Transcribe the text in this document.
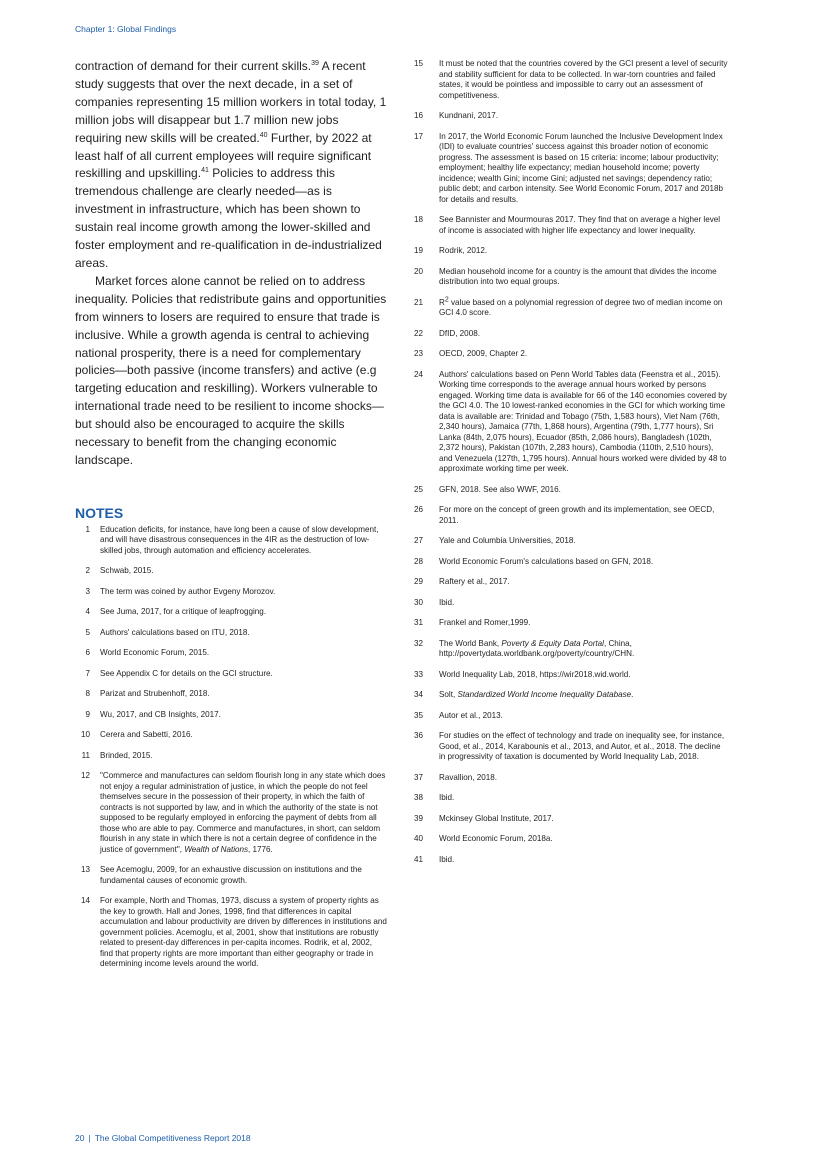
Chapter 1: Global Findings

contraction of demand for their current skills.$^{39}$ A recent study suggests that over the next decade, in a set of companies representing 15 million workers in total today, 1 million jobs will disappear but 1.7 million new jobs requiring new skills will be created.$^{40}$ Further, by 2022 at least half of all current employees will require significant reskilling and upskilling.$^{41}$ Policies to address this tremendous challenge are clearly needed—as is investment in infrastructure, which has been shown to sustain real income growth among the lower-skilled and foster employment and re-qualification in de-industrialized areas.

Market forces alone cannot be relied on to address inequality. Policies that redistribute gains and opportunities from winners to losers are required to ensure that trade is inclusive. While a growth agenda is central to achieving national prosperity, there is a need for complementary policies—both passive (income transfers) and active (e.g targeting education and reskilling). Workers vulnerable to international trade need to be resilient to income shocks—but should also be encouraged to acquire the skills necessary to benefit from the changing economic landscape.

NOTES
1	Education deficits, for instance, have long been a cause of slow development, and will have disastrous consequences in the 4IR as the destruction of low-skilled jobs, through automation and efficiency accelerates.
2	Schwab, 2015.
3	The term was coined by author Evgeny Morozov.
4	See Juma, 2017, for a critique of leapfrogging.
5	Authors' calculations based on ITU, 2018.
6	World Economic Forum, 2015.
7	See Appendix C for details on the GCI structure.
8	Parizat and Strubenhoff, 2018.
9	Wu, 2017, and CB Insights, 2017.
10	Cerera and Sabetti, 2016.
11	Brinded, 2015.
12	"Commerce and manufactures can seldom flourish long in any state which does not enjoy a regular administration of justice, in which the people do not feel themselves secure in the possession of their property, in which the faith of contracts is not supported by law, and in which the authority of the state is not supposed to be regularly employed in enforcing the payment of debts from all those who are able to pay. Commerce and manufactures, in short, can seldom flourish in any state in which there is not a certain degree of confidence in the justice of government", Wealth of Nations, 1776.
13	See Acemoglu, 2009, for an exhaustive discussion on institutions and the fundamental causes of economic growth.
14	For example, North and Thomas, 1973, discuss a system of property rights as the key to growth. Hall and Jones, 1998, find that differences in capital accumulation and labour productivity are driven by differences in institutions and government policies. Acemoglu, et al, 2001, show that institutions are robustly related to present-day differences in per-capita incomes. Rodrik, et al, 2002, find that property rights are more important than either geography or trade in determining income levels around the world.
15	It must be noted that the countries covered by the GCI present a level of security and stability sufficient for data to be collected. In war-torn countries and failed states, it would be pointless and impossible to carry out an assessment of competitiveness.
16	Kundnani, 2017.
17	In 2017, the World Economic Forum launched the Inclusive Development Index (IDI) to evaluate countries' success against this broader notion of economic progress. The assessment is based on 15 criteria: income; labour productivity; employment; healthy life expectancy; median household income; poverty incidence; wealth Gini; income Gini; adjusted net savings; dependency ratio; public debt; and carbon intensity. See World Economic Forum, 2017 and 2018b for details and results.
18	See Bannister and Mourmouras 2017. They find that on average a higher level of income is associated with higher life expectancy and lower inequality.
19	Rodrik, 2012.
20	Median household income for a country is the amount that divides the income distribution into two equal groups.
21	$R^2$ value based on a polynomial regression of degree two of median income on GCI 4.0 score.
22	DfID, 2008.
23	OECD, 2009, Chapter 2.
24	Authors' calculations based on Penn World Tables data (Feenstra et al., 2015). Working time corresponds to the average annual hours worked by persons engaged. Working time data is available for 66 of the 140 economies covered by the GCI 4.0. The 10 lowest-ranked economies in the GCI for which working time data is available are: Trinidad and Tobago (75th, 1,583 hours), Viet Nam (76th, 2,340 hours), Jamaica (77th, 1,868 hours), Argentina (79th, 1,777 hours), Sri Lanka (84th, 2,075 hours), Ecuador (85th, 2,086 hours), Bangladesh (102th, 2,372 hours), Pakistan (107th, 2,283 hours), Cambodia (110th, 2,510 hours), and Venezuela (127th, 1,795 hours). Annual hours worked were divided by 48 to approximate working time per week.
25	GFN, 2018. See also WWF, 2016.
26	For more on the concept of green growth and its implementation, see OECD, 2011.
27	Yale and Columbia Universities, 2018.
28	World Economic Forum's calculations based on GFN, 2018.
29	Raftery et al., 2017.
30	Ibid.
31	Frankel and Romer,1999.
32	The World Bank, Poverty & Equity Data Portal, China, http://povertydata.worldbank.org/poverty/country/CHN.
33	World Inequality Lab, 2018, https://wir2018.wid.world.
34	Solt, Standardized World Income Inequality Database.
35	Autor et al., 2013.
36	For studies on the effect of technology and trade on inequality see, for instance, Good, et al., 2014, Karabounis et al., 2013, and Autor, et al., 2018. The decline in progressivity of taxation is documented by World Inequality Lab, 2018.
37	Ravallion, 2018.
38	Ibid.
39	Mckinsey Global Institute, 2017.
40	World Economic Forum, 2018a.
41	Ibid.
20 | The Global Competitiveness Report 2018
